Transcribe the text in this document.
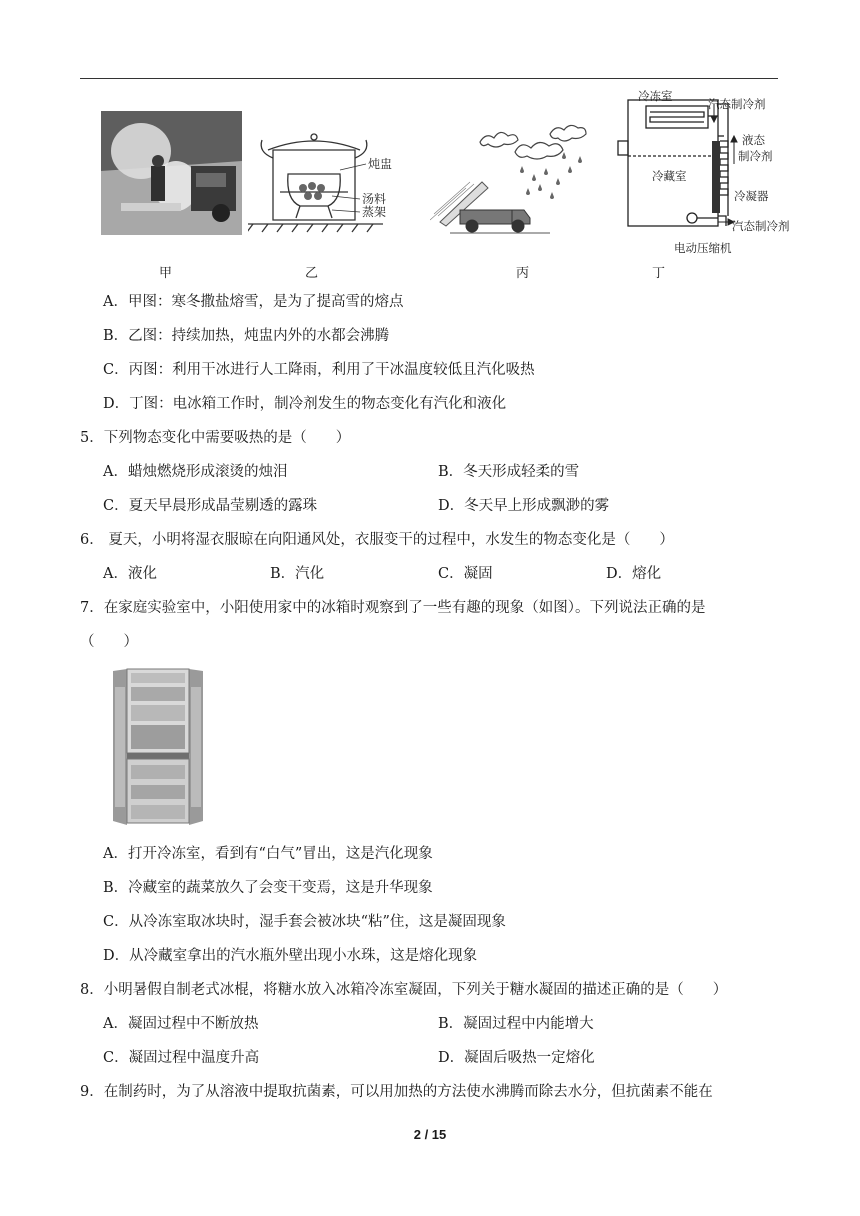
炖盅
汤料
蒸架
冷冻室
汽态制冷剂
液态
制冷剂
冷藏室
冷凝器
汽态制冷剂
电动压缩机
甲	乙	丙	丁
A．甲图：寒冬撒盐熔雪，是为了提高雪的熔点
B．乙图：持续加热，炖盅内外的水都会沸腾
C．丙图：利用干冰进行人工降雨，利用了干冰温度较低且汽化吸热
D．丁图：电冰箱工作时，制冷剂发生的物态变化有汽化和液化
5．下列物态变化中需要吸热的是（　　）
A．蜡烛燃烧形成滚烫的烛泪	B．冬天形成轻柔的雪
C．夏天早晨形成晶莹剔透的露珠	D．冬天早上形成飘渺的雾
6． 夏天，小明将湿衣服晾在向阳通风处，衣服变干的过程中，水发生的物态变化是（　　）
A．液化	B．汽化	C．凝固	D．熔化
7．在家庭实验室中，小阳使用家中的冰箱时观察到了一些有趣的现象（如图）。下列说法正确的是
（　　）
A．打开冷冻室，看到有“白气”冒出，这是汽化现象
B．冷藏室的蔬菜放久了会变干变焉，这是升华现象
C．从冷冻室取冰块时，湿手套会被冰块“粘”住，这是凝固现象
D．从冷藏室拿出的汽水瓶外壁出现小水珠，这是熔化现象
8．小明暑假自制老式冰棍，将糖水放入冰箱冷冻室凝固，下列关于糖水凝固的描述正确的是（　　）
A．凝固过程中不断放热	B．凝固过程中内能增大
C．凝固过程中温度升高	D．凝固后吸热一定熔化
9．在制药时，为了从溶液中提取抗菌素，可以用加热的方法使水沸腾而除去水分，但抗菌素不能在
2 / 15
